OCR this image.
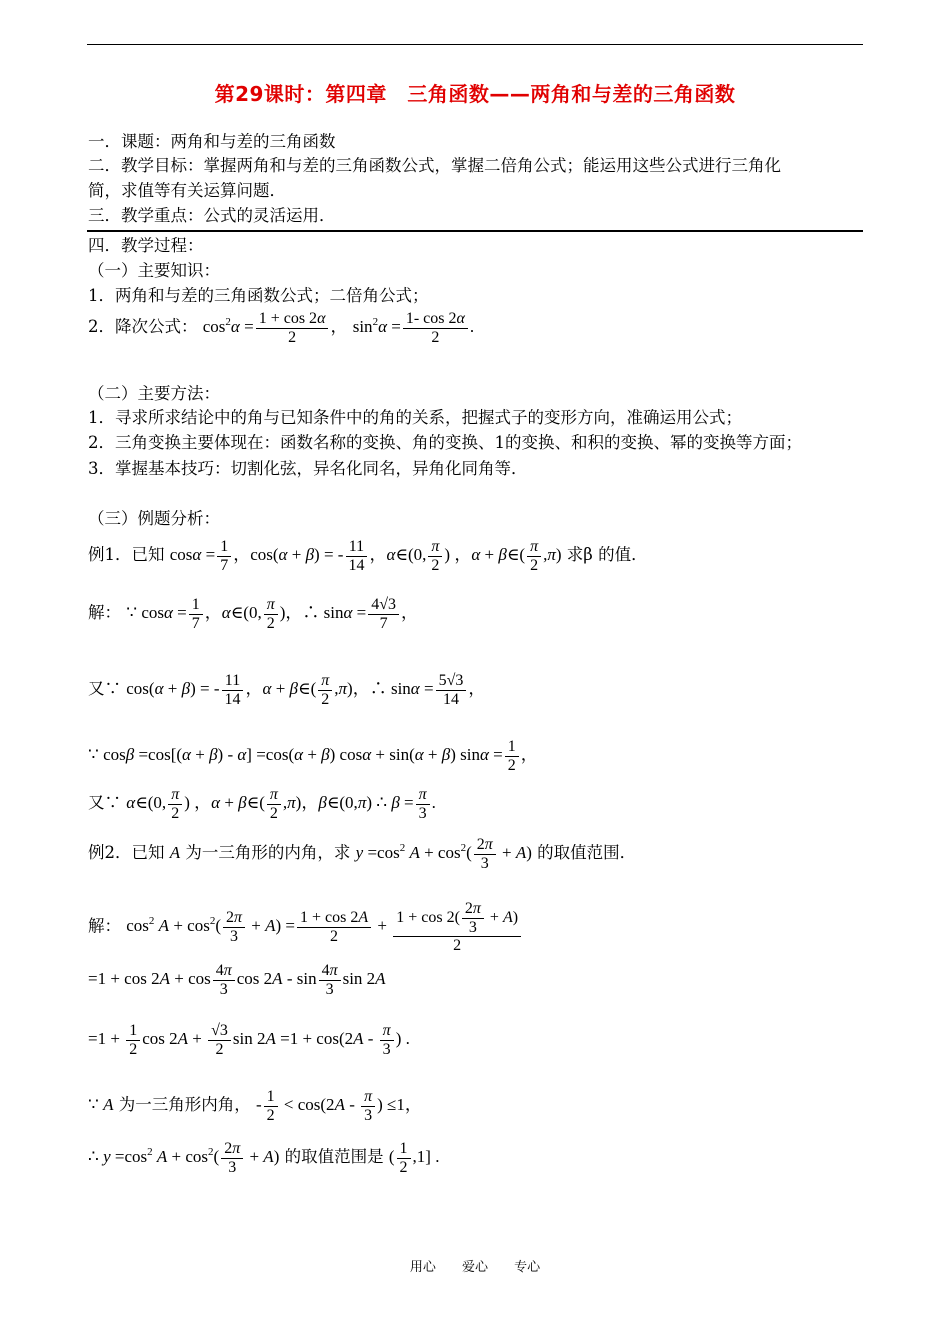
第29课时：第四章　三角函数——两角和与差的三角函数
一．课题：两角和与差的三角函数
二．教学目标：掌握两角和与差的三角函数公式，掌握二倍角公式；能运用这些公式进行三角化
简，求值等有关运算问题．
三．教学重点：公式的灵活运用．
四．教学过程：
（一）主要知识：
1．两角和与差的三角函数公式；二倍角公式；
2．降次公式： $\cos^2\alpha = \frac{1 + \cos 2\alpha}{2}$ ， $\sin^2\alpha = \frac{1- \cos 2\alpha}{2}$ .
（二）主要方法：
1．寻求所求结论中的角与已知条件中的角的关系，把握式子的变形方向，准确运用公式；
2．三角变换主要体现在：函数名称的变换、角的变换、1的变换、和积的变换、幂的变换等方面；
3．掌握基本技巧：切割化弦，异名化同名，异角化同角等．
（三）例题分析：
例1．已知 $\cos\alpha = \frac{1}{7}$ ，cos(α + β) = - $\frac{11}{14}$ ，α∈(0, $\frac{\pi}{2}$ ) ，α + β∈( $\frac{\pi}{2} ,\pi$) 求β 的值．
解： ∵ $\cos\alpha = \frac{1}{7}$ ，α∈(0, $\frac{\pi}{2}$ )，∴ $\sin\alpha = \frac{4√3}{7}$ ，
又∵ cos(α + β) = - $\frac{11}{14}$ ，α + β∈( $\frac{\pi}{2} ,\pi$)，∴ $\sin\alpha = \frac{5√3}{14}$ ，
∵ cosβ =cos[(α + β) - α] =cos(α + β) cosα + sin(α + β) $\sin\alpha = \frac{1}{2}$ ，
又∵ α∈(0, $\frac{\pi}{2}$ ) ，α + β∈( $\frac{\pi}{2} ,\pi$)，β∈(0,π) ∴ $\beta = \frac{\pi}{3}$ .
例2．已知 A 为一三角形的内角，求 $y =\cos^2$ $A + \cos^2( \frac{2\pi}{3} + A)$ 的取值范围．
解： $\cos^2 A + \cos^2( \frac{2\pi}{3} + A) = \frac{1 + \cos 2A}{2} + \frac{1 + \cos 2( \frac{2\pi}{3} + A)}{2}$
$=1 + \cos 2A + \cos \frac{4\pi}{3}$ $\cos 2A - \sin \frac{4\pi}{3}$ sin 2A
$=1 + \frac{1}{2}$ $\cos 2A + \frac{√3}{2}$ $\sin 2A =1 + \cos(2A - \frac{\pi}{3}$ ) .
∵ A 为一三角形内角， - $\frac{1}{2} < \cos(2A - \frac{\pi}{3}$ ) ≤1，
∴ $y =\cos^2$ $A + \cos^2( \frac{2\pi}{3} + A)$ 的取值范围是 ( $\frac{1}{2} ,1$] .
用心 爱心 专心
